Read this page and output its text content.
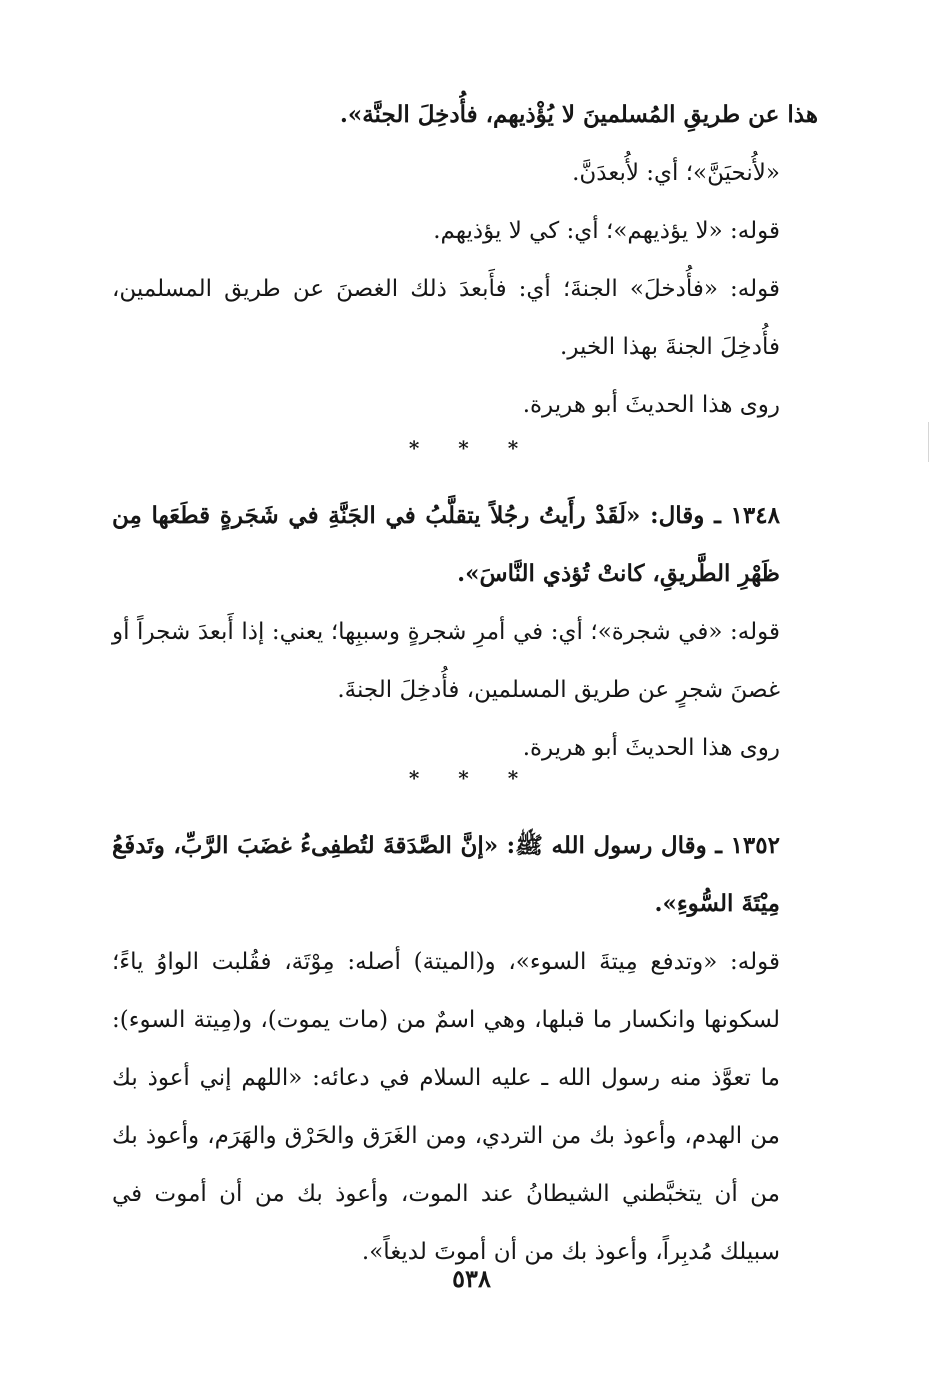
هذا عن طريقِ المُسلمينَ لا يُؤْذيهم، فأُدخِلَ الجنَّة».

«لأُنحيَنَّ»؛ أي: لأُبعدَنَّ.

قوله: «لا يؤذيهم»؛ أي: كي لا يؤذيهم.

قوله: «فأُدخلَ» الجنةَ؛ أي: فأَبعدَ ذلك الغصنَ عن طريق المسلمين، فأُدخِلَ الجنةَ بهذا الخير.

روى هذا الحديثَ أبو هريرة.

* * *

١٣٤٨ ـ وقال: «لَقَدْ رأَيتُ رجُلاً يتقلَّبُ في الجَنَّةِ في شَجَرةٍ قطَعَها مِن ظَهْرِ الطَّريقِ، كانتْ تُؤذي النَّاسَ».

قوله: «في شجرة»؛ أي: في أمرِ شجرةٍ وسببِها؛ يعني: إذا أَبعدَ شجراً أو غصنَ شجرٍ عن طريق المسلمين، فأُدخِلَ الجنةَ.

روى هذا الحديثَ أبو هريرة.

* * *

١٣٥٢ ـ وقال رسول الله ﷺ: «إنَّ الصَّدَقةَ لتُطفِىءُ غضَبَ الرَّبِّ، وتَدفَعُ مِيْتَةَ السُّوءِ».

قوله: «وتدفع مِيتةَ السوء»، و(الميتة) أصله: مِوْتَة، فقُلبت الواوُ ياءً؛ لسكونها وانكسار ما قبلها، وهي اسمٌ من (مات يموت)، و(مِيتة السوء): ما تعوَّذ منه رسول الله ـ عليه السلام في دعائه: «اللهم إني أعوذ بك من الهدم، وأعوذ بك من التردي، ومن الغَرَق والحَرْق والهَرَم، وأعوذ بك من أن يتخبَّطني الشيطانُ عند الموت، وأعوذ بك من أن أموت في سبيلك مُدبِراً، وأعوذ بك من أن أموتَ لديغاً».

٥٣٨
